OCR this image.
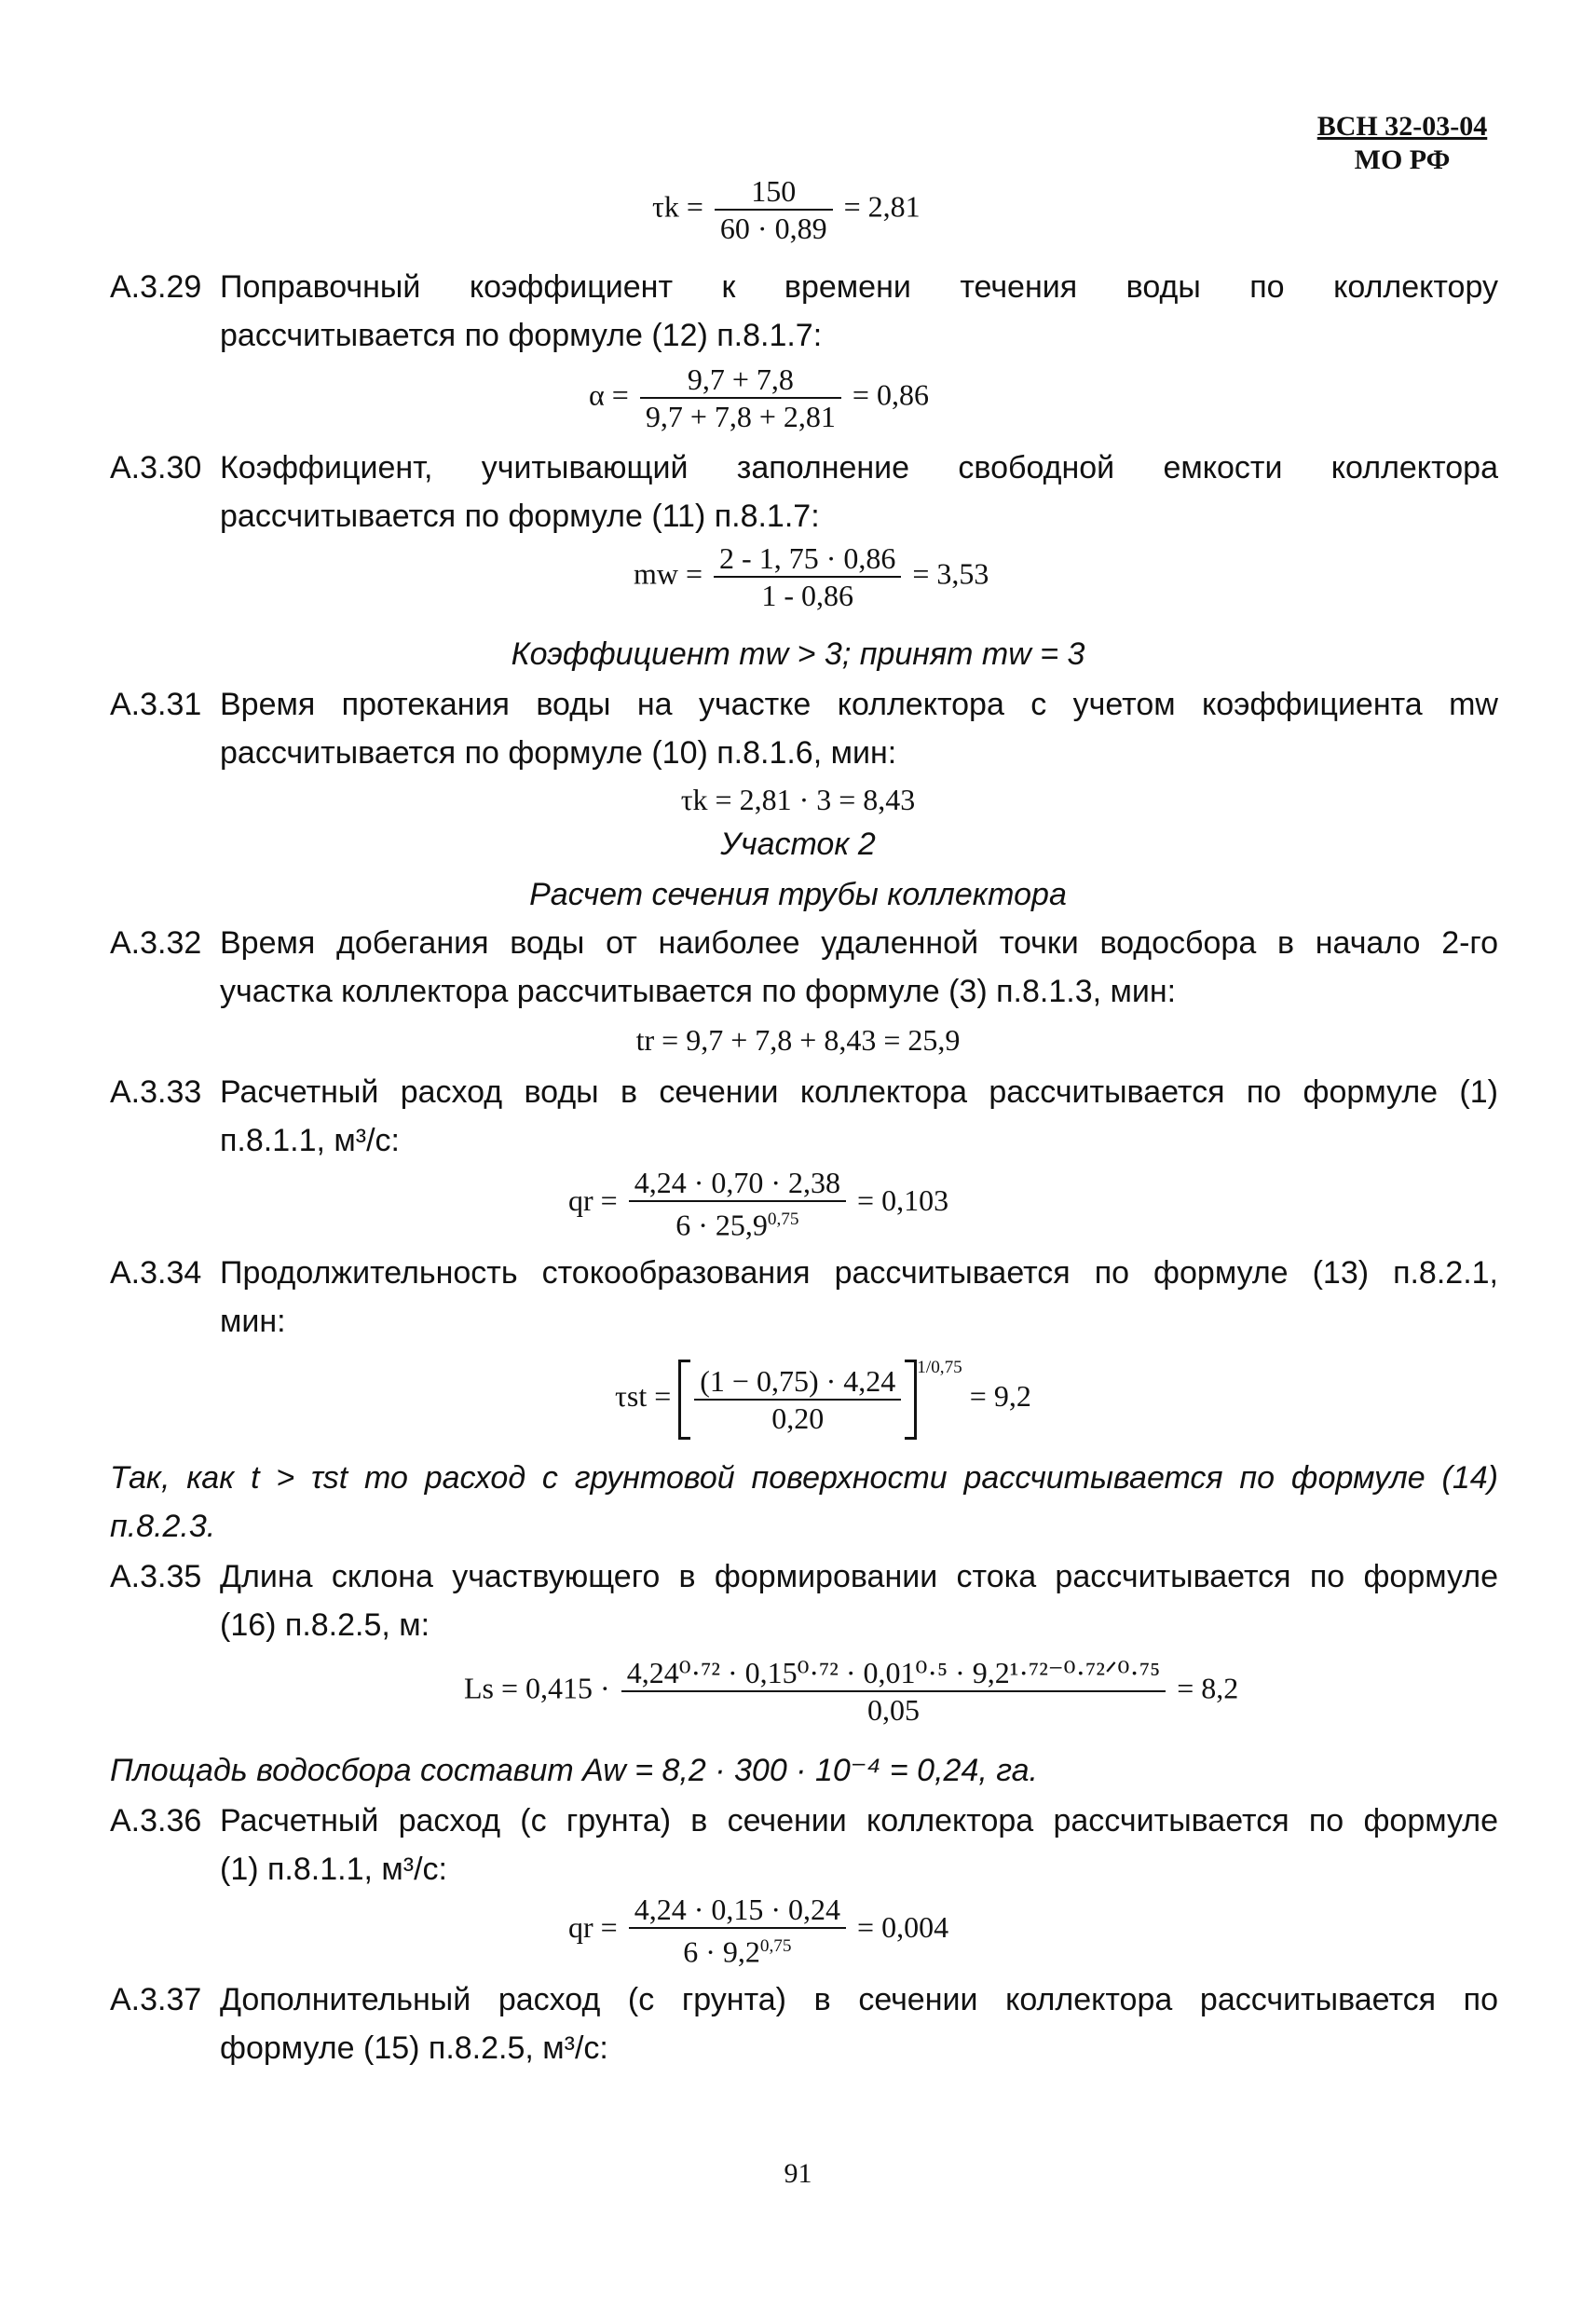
ВСН 32-03-04
МО РФ
$\tau k = \frac{150}{60 \cdot 0,89} = 2,81$
А.3.29 Поправочный коэффициент к времени течения воды по коллектору
рассчитывается по формуле (12) п.8.1.7:
$\alpha = \frac{9,7 + 7,8}{9,7 + 7,8 + 2,81} = 0,86$
А.3.30 Коэффициент, учитывающий заполнение свободной емкости коллектора
рассчитывается по формуле (11) п.8.1.7:
mw = $\frac{2 - 1, 75 \cdot 0,86}{1 - 0,86} = 3,53$
Коэффициент mw > 3; принят mw = 3
А.3.31 Время протекания воды на участке коллектора с учетом коэффициента mw
рассчитывается по формуле (10) п.8.1.6, мин:
τk = 2,81 · 3 = 8,43
Участок 2
Расчет сечения трубы коллектора
А.3.32 Время добегания воды от наиболее удаленной точки водосбора в начало 2-го
участка коллектора рассчитывается по формуле (3) п.8.1.3, мин:
tr = 9,7 + 7,8 + 8,43 = 25,9
А.3.33 Расчетный расход воды в сечении коллектора рассчитывается по формуле (1)
п.8.1.1, м³/с:
qr = $\frac{4,24 \cdot 0,70 \cdot 2,38}{6 \cdot 25,9^{0,75}} = 0,103$
А.3.34 Продолжительность стокообразования рассчитывается по формуле (13) п.8.2.1,
мин:
$\tau st = \frac{(1 - 0,75) \cdot 4,24}{0,20} ^{1/0,75} = 9,2$
Так, как t > τst то расход с грунтовой поверхности рассчитывается по формуле (14)
п.8.2.3.
А.3.35 Длина склона участвующего в формировании стока рассчитывается по формуле
(16) п.8.2.5, м:
$Ls = 0,415 \cdot \frac{\text{4,24⁰·⁷² · 0,15⁰·⁷² · 0,01⁰·⁵ · 9,2¹·⁷²⁻⁰·⁷²ᐟ⁰·⁷⁵}}{0,05} = 8,2$
Площадь водосбора составит Aw = 8,2 · 300 · 10⁻⁴ = 0,24, га.
А.3.36 Расчетный расход (с грунта) в сечении коллектора рассчитывается по формуле
(1) п.8.1.1, м³/с:
qr = $\frac{4,24 \cdot 0,15 \cdot 0,24}{6 \cdot 9,2^{0,75}} = 0,004$
А.3.37 Дополнительный расход (с грунта) в сечении коллектора рассчитывается по
формуле (15) п.8.2.5, м³/с:
91
